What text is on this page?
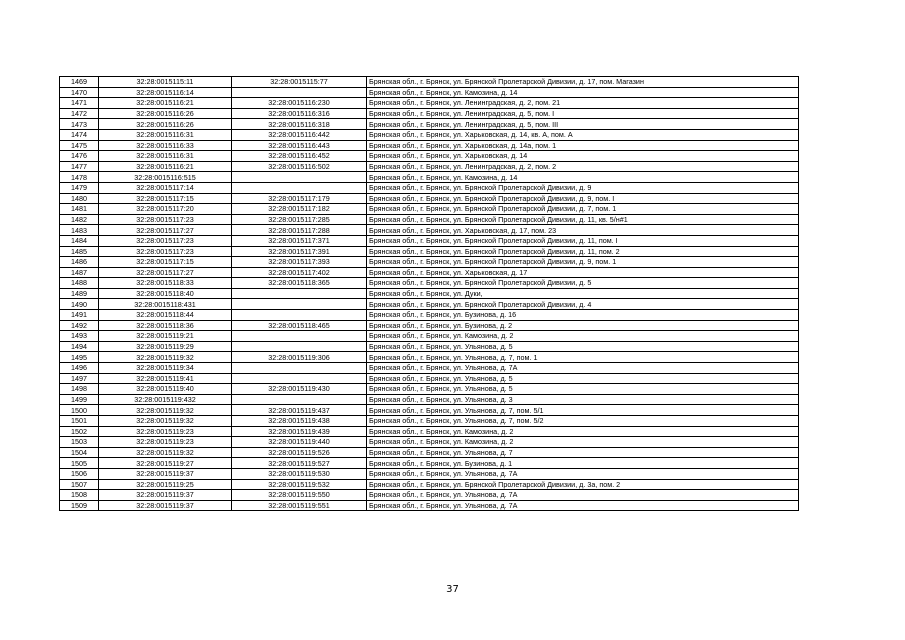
1469	32:28:0015115:11	32:28:0015115:77	Брянская обл., г. Брянск, ул. Брянской Пролетарской Дивизии, д. 17, пом. Магазин
1470	32:28:0015116:14		Брянская обл., г. Брянск, ул. Камозина, д. 14
1471	32:28:0015116:21	32:28:0015116:230	Брянская обл., г. Брянск, ул. Ленинградская, д. 2, пом. 21
1472	32:28:0015116:26	32:28:0015116:316	Брянская обл., г. Брянск, ул. Ленинградская, д. 5, пом. I
1473	32:28:0015116:26	32:28:0015116:318	Брянская обл., г. Брянск, ул. Ленинградская, д. 5, пом. III
1474	32:28:0015116:31	32:28:0015116:442	Брянская обл., г. Брянск, ул. Харьковская, д. 14, кв. А, пом. А
1475	32:28:0015116:33	32:28:0015116:443	Брянская обл., г. Брянск, ул. Харьковская, д. 14а, пом. 1
1476	32:28:0015116:31	32:28:0015116:452	Брянская обл., г. Брянск, ул. Харьковская, д. 14
1477	32:28:0015116:21	32:28:0015116:502	Брянская обл., г. Брянск, ул. Ленинградская, д. 2, пом. 2
1478	32:28:0015116:515		Брянская обл., г. Брянск, ул. Камозина, д. 14
1479	32:28:0015117:14		Брянская обл., г. Брянск, ул. Брянской Пролетарской Дивизии, д. 9
1480	32:28:0015117:15	32:28:0015117:179	Брянская обл., г. Брянск, ул. Брянской Пролетарской Дивизии, д. 9, пом. I
1481	32:28:0015117:20	32:28:0015117:182	Брянская обл., г. Брянск, ул. Брянской Пролетарской Дивизии, д. 7, пом. 1
1482	32:28:0015117:23	32:28:0015117:285	Брянская обл., г. Брянск, ул. Брянской Пролетарской Дивизии, д. 11, кв. 5/н#1
1483	32:28:0015117:27	32:28:0015117:288	Брянская обл., г. Брянск, ул. Харьковская, д. 17, пом. 23
1484	32:28:0015117:23	32:28:0015117:371	Брянская обл., г. Брянск, ул. Брянской Пролетарской Дивизии, д. 11, пом. I
1485	32:28:0015117:23	32:28:0015117:391	Брянская обл., г. Брянск, ул. Брянской Пролетарской Дивизии, д. 11, пом. 2
1486	32:28:0015117:15	32:28:0015117:393	Брянская обл., г. Брянск, ул. Брянской Пролетарской Дивизии, д. 9, пом. 1
1487	32:28:0015117:27	32:28:0015117:402	Брянская обл., г. Брянск, ул. Харьковская, д. 17
1488	32:28:0015118:33	32:28:0015118:365	Брянская обл., г. Брянск, ул. Брянской Пролетарской Дивизии, д. 5
1489	32:28:0015118:40		Брянская обл., г. Брянск, ул. Дуки,
1490	32:28:0015118:431		Брянская обл., г. Брянск, ул. Брянской Пролетарской Дивизии, д. 4
1491	32:28:0015118:44		Брянская обл., г. Брянск, ул. Бузинова, д. 16
1492	32:28:0015118:36	32:28:0015118:465	Брянская обл., г. Брянск, ул. Бузинова, д. 2
1493	32:28:0015119:21		Брянская обл., г. Брянск, ул. Камозина, д. 2
1494	32:28:0015119:29		Брянская обл., г. Брянск, ул. Ульянова, д. 5
1495	32:28:0015119:32	32:28:0015119:306	Брянская обл., г. Брянск, ул. Ульянова, д. 7, пом. 1
1496	32:28:0015119:34		Брянская обл., г. Брянск, ул. Ульянова, д. 7А
1497	32:28:0015119:41		Брянская обл., г. Брянск, ул. Ульянова, д. 5
1498	32:28:0015119:40	32:28:0015119:430	Брянская обл., г. Брянск, ул. Ульянова, д. 5
1499	32:28:0015119:432		Брянская обл., г. Брянск, ул. Ульянова, д. 3
1500	32:28:0015119:32	32:28:0015119:437	Брянская обл., г. Брянск, ул. Ульянова, д. 7, пом. 5/1
1501	32:28:0015119:32	32:28:0015119:438	Брянская обл., г. Брянск, ул. Ульянова, д. 7, пом. 5/2
1502	32:28:0015119:23	32:28:0015119:439	Брянская обл., г. Брянск, ул. Камозина, д. 2
1503	32:28:0015119:23	32:28:0015119:440	Брянская обл., г. Брянск, ул. Камозина, д. 2
1504	32:28:0015119:32	32:28:0015119:526	Брянская обл., г. Брянск, ул. Ульянова, д. 7
1505	32:28:0015119:27	32:28:0015119:527	Брянская обл., г. Брянск, ул. Бузинова, д. 1
1506	32:28:0015119:37	32:28:0015119:530	Брянская обл., г. Брянск, ул. Ульянова, д. 7А
1507	32:28:0015119:25	32:28:0015119:532	Брянская обл., г. Брянск, ул. Брянской Пролетарской Дивизии, д. 3а, пом. 2
1508	32:28:0015119:37	32:28:0015119:550	Брянская обл., г. Брянск, ул. Ульянова, д. 7А
1509	32:28:0015119:37	32:28:0015119:551	Брянская обл., г. Брянск, ул. Ульянова, д. 7А
37
